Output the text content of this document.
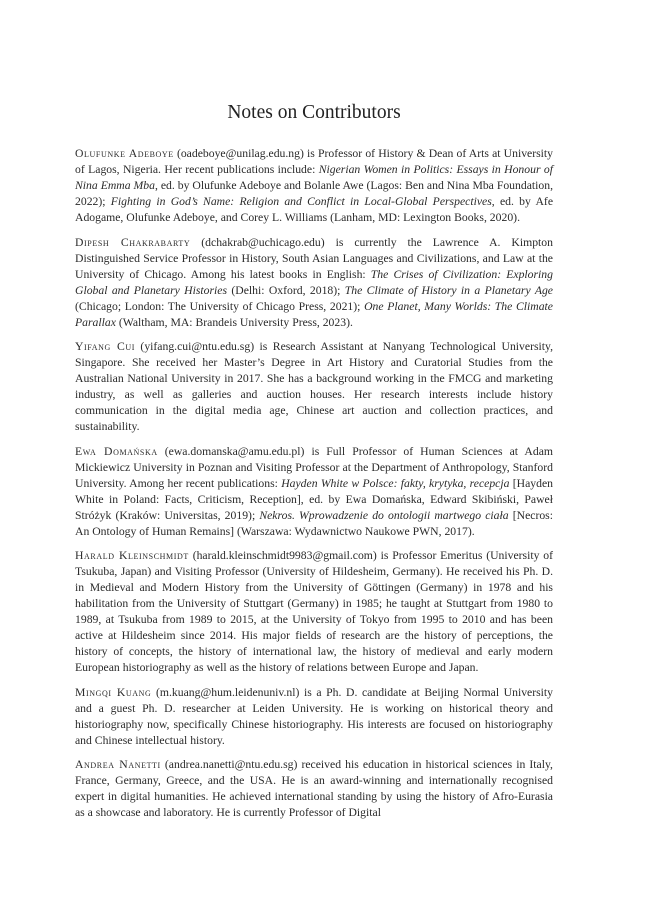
Notes on Contributors

Olufunke Adeboye (oadeboye@unilag.edu.ng) is Professor of History & Dean of Arts at University of Lagos, Nigeria. Her recent publications include: Nigerian Women in Politics: Essays in Honour of Nina Emma Mba, ed. by Olufunke Adeboye and Bolanle Awe (Lagos: Ben and Nina Mba Foundation, 2022); Fighting in God’s Name: Religion and Conflict in Local-Global Perspectives, ed. by Afe Adogame, Olufunke Adeboye, and Corey L. Williams (Lanham, MD: Lexington Books, 2020).

Dipesh Chakrabarty (dchakrab@uchicago.edu) is currently the Lawrence A. Kimpton Distinguished Service Professor in History, South Asian Languages and Civilizations, and Law at the University of Chicago. Among his latest books in English: The Crises of Civilization: Exploring Global and Planetary Histories (Delhi: Oxford, 2018); The Climate of History in a Planetary Age (Chicago; London: The University of Chicago Press, 2021); One Planet, Many Worlds: The Climate Parallax (Waltham, MA: Brandeis University Press, 2023).

Yifang Cui (yifang.cui@ntu.edu.sg) is Research Assistant at Nanyang Technological University, Singapore. She received her Master’s Degree in Art History and Curatorial Studies from the Australian National University in 2017. She has a background working in the FMCG and marketing industry, as well as galleries and auction houses. Her research interests include history communication in the digital media age, Chinese art auction and collection practices, and sustainability.

Ewa Domańska (ewa.domanska@amu.edu.pl) is Full Professor of Human Sciences at Adam Mickiewicz University in Poznan and Visiting Professor at the Department of Anthropology, Stanford University. Among her recent publications: Hayden White w Polsce: fakty, krytyka, recepcja [Hayden White in Poland: Facts, Criticism, Reception], ed. by Ewa Domańska, Edward Skibiński, Paweł Stróżyk (Kraków: Universitas, 2019); Nekros. Wprowadzenie do ontologii martwego ciała [Necros: An Ontology of Human Remains] (Warszawa: Wydawnictwo Naukowe PWN, 2017).

Harald Kleinschmidt (harald.kleinschmidt9983@gmail.com) is Professor Emeritus (University of Tsukuba, Japan) and Visiting Professor (University of Hildesheim, Germany). He received his Ph. D. in Medieval and Modern History from the University of Göttingen (Germany) in 1978 and his habilitation from the University of Stuttgart (Germany) in 1985; he taught at Stuttgart from 1980 to 1989, at Tsukuba from 1989 to 2015, at the University of Tokyo from 1995 to 2010 and has been active at Hildesheim since 2014. His major fields of research are the history of perceptions, the history of concepts, the history of international law, the history of medieval and early modern European historiography as well as the history of relations between Europe and Japan.

Mingqi Kuang (m.kuang@hum.leidenuniv.nl) is a Ph. D. candidate at Beijing Normal University and a guest Ph. D. researcher at Leiden University. He is working on historical theory and historiography now, specifically Chinese historiography. His interests are focused on historiography and Chinese intellectual history.

Andrea Nanetti (andrea.nanetti@ntu.edu.sg) received his education in historical sciences in Italy, France, Germany, Greece, and the USA. He is an award-winning and internationally recognised expert in digital humanities. He achieved international standing by using the history of Afro-Eurasia as a showcase and laboratory. He is currently Professor of Digital
